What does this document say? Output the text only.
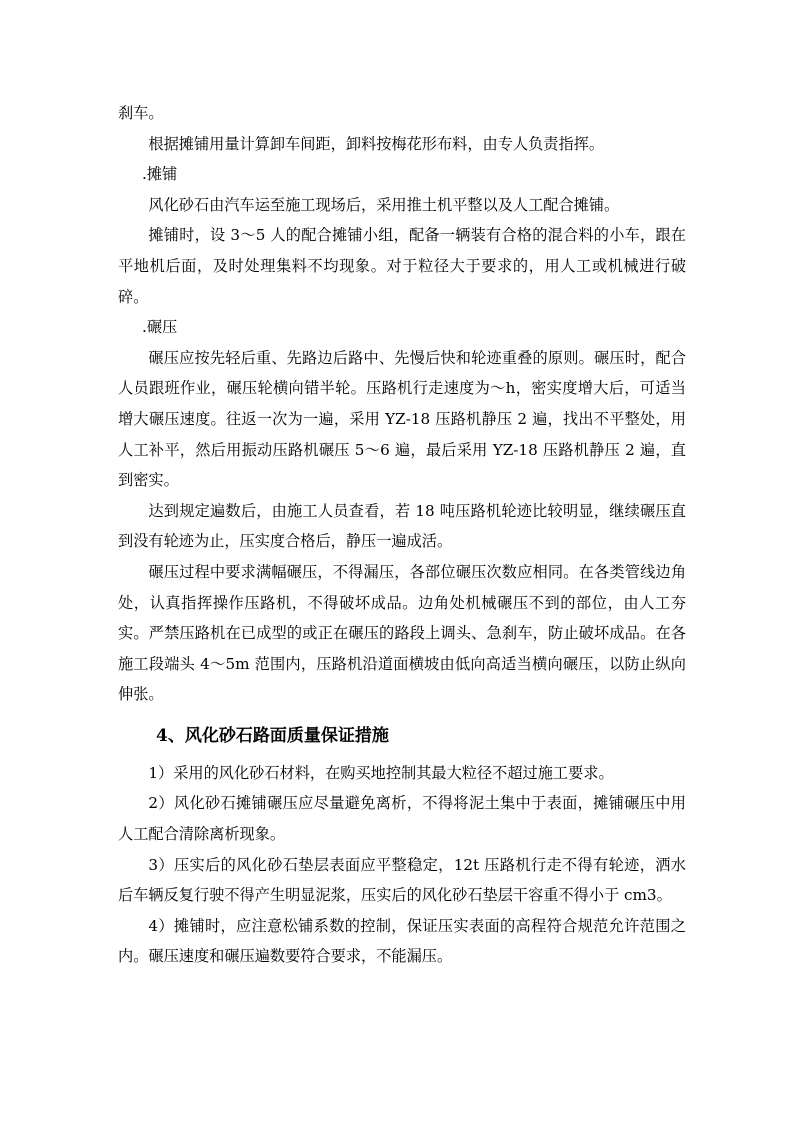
刹车。

根据摊铺用量计算卸车间距，卸料按梅花形布料，由专人负责指挥。

.摊铺

风化砂石由汽车运至施工现场后，采用推土机平整以及人工配合摊铺。

摊铺时，设 3～5 人的配合摊铺小组，配备一辆装有合格的混合料的小车，跟在平地机后面，及时处理集料不均现象。对于粒径大于要求的，用人工或机械进行破碎。

.碾压

碾压应按先轻后重、先路边后路中、先慢后快和轮迹重叠的原则。碾压时，配合人员跟班作业，碾压轮横向错半轮。压路机行走速度为～h，密实度增大后，可适当增大碾压速度。往返一次为一遍，采用 YZ-18 压路机静压 2 遍，找出不平整处，用人工补平，然后用振动压路机碾压 5～6 遍，最后采用 YZ-18 压路机静压 2 遍，直到密实。

达到规定遍数后，由施工人员查看，若 18 吨压路机轮迹比较明显，继续碾压直到没有轮迹为止，压实度合格后，静压一遍成活。

碾压过程中要求满幅碾压，不得漏压，各部位碾压次数应相同。在各类管线边角处，认真指挥操作压路机，不得破坏成品。边角处机械碾压不到的部位，由人工夯实。严禁压路机在已成型的或正在碾压的路段上调头、急刹车，防止破坏成品。在各施工段端头 4～5m 范围内，压路机沿道面横坡由低向高适当横向碾压，以防止纵向伸张。

4、风化砂石路面质量保证措施

1）采用的风化砂石材料，在购买地控制其最大粒径不超过施工要求。

2）风化砂石摊铺碾压应尽量避免离析，不得将泥土集中于表面，摊铺碾压中用人工配合清除离析现象。

3）压实后的风化砂石垫层表面应平整稳定，12t 压路机行走不得有轮迹，洒水后车辆反复行驶不得产生明显泥浆，压实后的风化砂石垫层干容重不得小于 cm3。

4）摊铺时，应注意松铺系数的控制，保证压实表面的高程符合规范允许范围之内。碾压速度和碾压遍数要符合要求，不能漏压。
